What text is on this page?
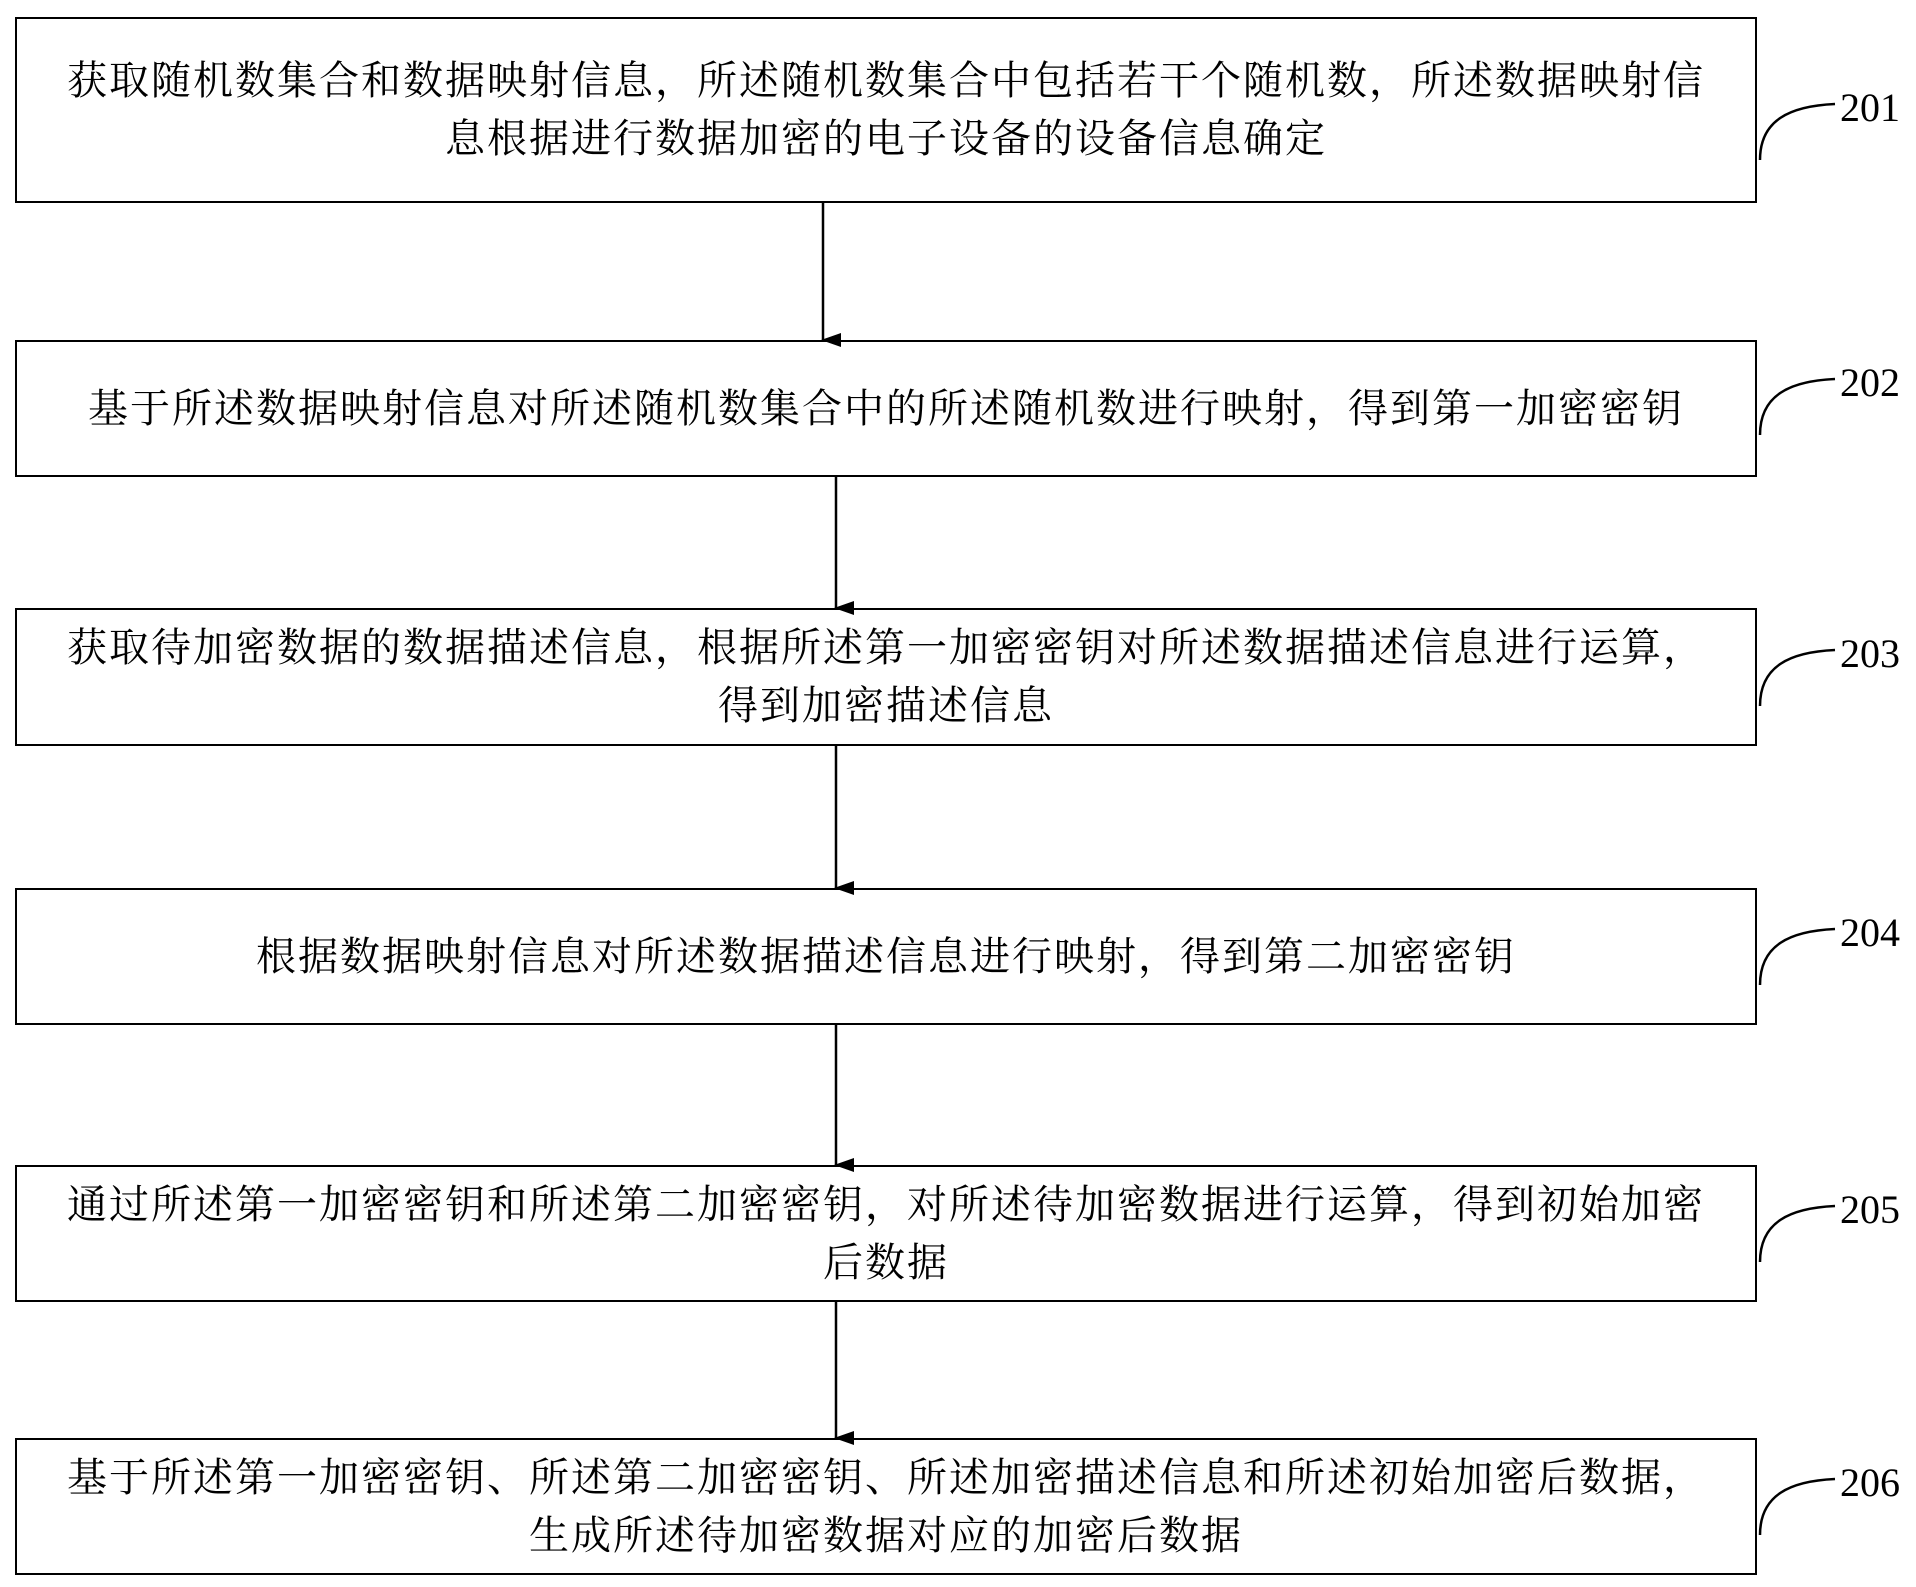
获取随机数集合和数据映射信息，所述随机数集合中包括若干个随机数，所述数据映射信息根据进行数据加密的电子设备的设备信息确定
201
基于所述数据映射信息对所述随机数集合中的所述随机数进行映射，得到第一加密密钥
202
获取待加密数据的数据描述信息，根据所述第一加密密钥对所述数据描述信息进行运算，得到加密描述信息
203
根据数据映射信息对所述数据描述信息进行映射，得到第二加密密钥
204
通过所述第一加密密钥和所述第二加密密钥，对所述待加密数据进行运算，得到初始加密后数据
205
基于所述第一加密密钥、所述第二加密密钥、所述加密描述信息和所述初始加密后数据，生成所述待加密数据对应的加密后数据
206
